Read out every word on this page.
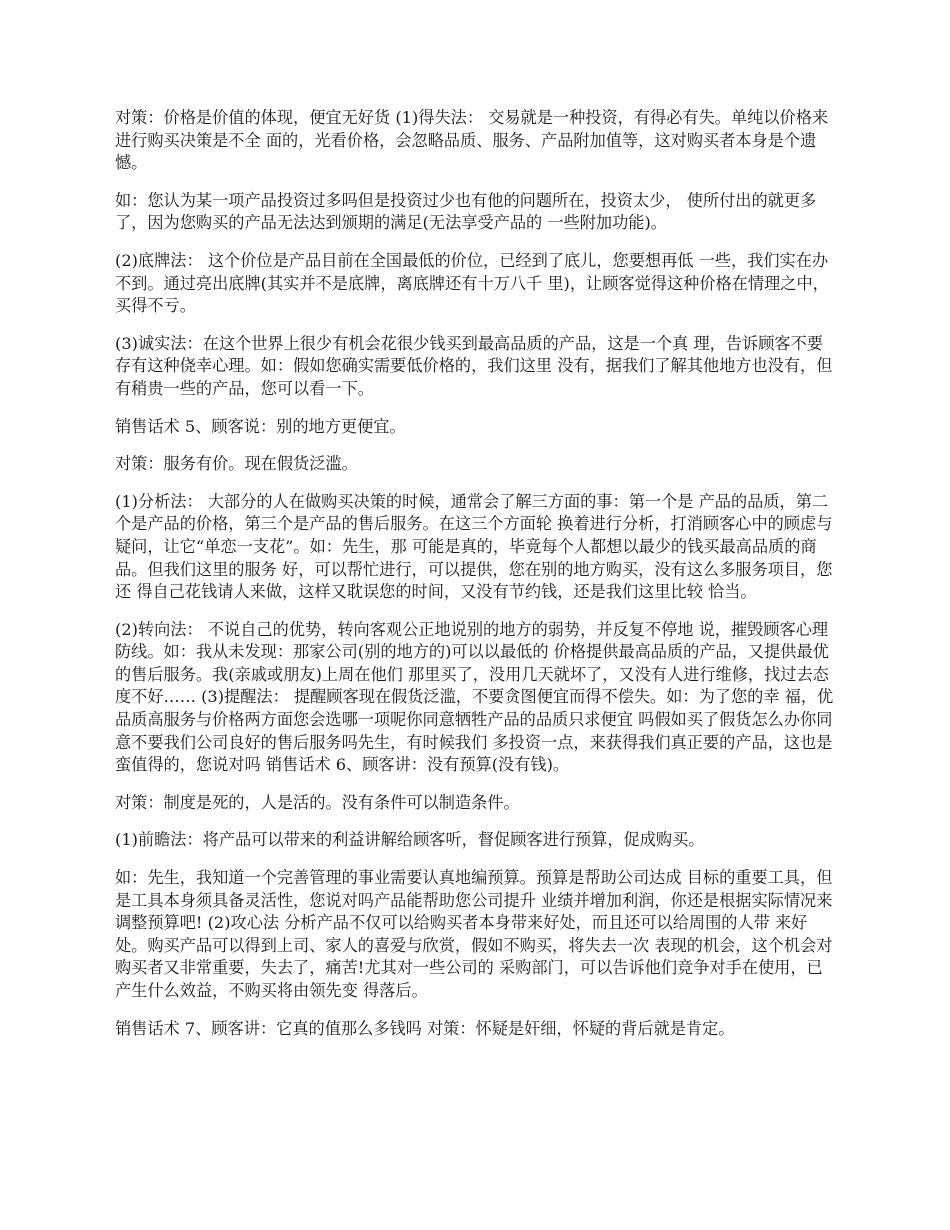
对策：价格是价值的体现，便宜无好货 (1)得失法： 交易就是一种投资，有得必有失。单纯以价格来进行购买决策是不全 面的，光看价格，会忽略品质、服务、产品附加值等，这对购买者本身是个遗憾。

如：您认为某一项产品投资过多吗但是投资过少也有他的问题所在，投资太少， 使所付出的就更多了，因为您购买的产品无法达到颁期的满足(无法享受产品的 一些附加功能)。

(2)底牌法： 这个价位是产品目前在全国最低的价位，已经到了底儿，您要想再低 一些，我们实在办不到。通过亮出底牌(其实并不是底牌，离底牌还有十万八千 里)，让顾客觉得这种价格在情理之中，买得不亏。

(3)诚实法：在这个世界上很少有机会花很少钱买到最高品质的产品，这是一个真 理，告诉顾客不要存有这种侥幸心理。如：假如您确实需要低价格的，我们这里 没有，据我们了解其他地方也没有，但有稍贵一些的产品，您可以看一下。

销售话术 5、顾客说：别的地方更便宜。

对策：服务有价。现在假货泛滥。

(1)分析法： 大部分的人在做购买决策的时候，通常会了解三方面的事：第一个是 产品的品质，第二个是产品的价格，第三个是产品的售后服务。在这三个方面轮 换着进行分析，打消顾客心中的顾虑与疑问，让它“单恋一支花”。如：先生，那 可能是真的，毕竟每个人都想以最少的钱买最高品质的商品。但我们这里的服务 好，可以帮忙进行，可以提供，您在别的地方购买，没有这么多服务项目，您还 得自己花钱请人来做，这样又耽误您的时间，又没有节约钱，还是我们这里比较 恰当。

(2)转向法： 不说自己的优势，转向客观公正地说别的地方的弱势，并反复不停地 说，摧毁顾客心理防线。如：我从未发现：那家公司(别的地方的)可以以最低的 价格提供最高品质的产品，又提供最优的售后服务。我(亲戚或朋友)上周在他们 那里买了，没用几天就坏了，又没有人进行维修，找过去态度不好…… (3)提醒法： 提醒顾客现在假货泛滥，不要贪图便宜而得不偿失。如：为了您的幸 福，优品质高服务与价格两方面您会选哪一项呢你同意牺牲产品的品质只求便宜 吗假如买了假货怎么办你同意不要我们公司良好的售后服务吗先生，有时候我们 多投资一点，来获得我们真正要的产品，这也是蛮值得的，您说对吗 销售话术 6、顾客讲：没有预算(没有钱)。

对策：制度是死的，人是活的。没有条件可以制造条件。

(1)前瞻法：将产品可以带来的利益讲解给顾客听，督促顾客进行预算，促成购买。

如：先生，我知道一个完善管理的事业需要认真地编预算。预算是帮助公司达成 目标的重要工具，但是工具本身须具备灵活性，您说对吗产品能帮助您公司提升 业绩并增加利润，你还是根据实际情况来调整预算吧! (2)攻心法 分析产品不仅可以给购买者本身带来好处，而且还可以给周围的人带 来好处。购买产品可以得到上司、家人的喜爱与欣赏，假如不购买，将失去一次 表现的机会，这个机会对购买者又非常重要，失去了，痛苦!尤其对一些公司的 采购部门，可以告诉他们竞争对手在使用，已产生什么效益，不购买将由领先变 得落后。

销售话术 7、顾客讲：它真的值那么多钱吗 对策：怀疑是奸细，怀疑的背后就是肯定。
